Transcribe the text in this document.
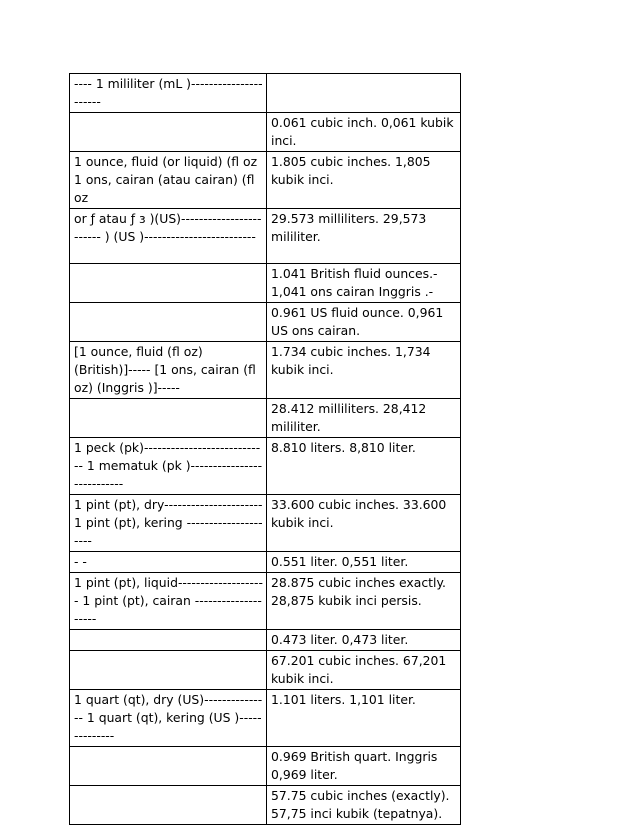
---- 1 mililiter (mL )----------------------	
	0.061 cubic inch. 0,061 kubik inci.
1 ounce, fluid (or liquid) (fl oz 1 ons, cairan (atau cairan) (fl oz	1.805 cubic inches. 1,805 kubik inci.
or ƒ atau ƒ з )(US)------------------------ ) (US )-------------------------	29.573 milliliters. 29,573 mililiter.
	1.041 British fluid ounces.- 1,041 ons cairan Inggris .-
	0.961 US fluid ounce. 0,961 US ons cairan.
[1 ounce, fluid (fl oz) (British)]----- [1 ons, cairan (fl oz) (Inggris )]-----	1.734 cubic inches. 1,734 kubik inci.
	28.412 milliliters. 28,412 mililiter.
1 peck (pk)---------------------------- 1 mematuk (pk )---------------------------	8.810 liters. 8,810 liter.
1 pint (pt), dry---------------------- 1 pint (pt), kering ---------------------	33.600 cubic inches. 33.600 kubik inci.
- -	0.551 liter. 0,551 liter.
1 pint (pt), liquid-------------------- 1 pint (pt), cairan --------------------	28.875 cubic inches exactly. 28,875 kubik inci persis.
	0.473 liter. 0,473 liter.
	67.201 cubic inches. 67,201 kubik inci.
1 quart (qt), dry (US)--------------- 1 quart (qt), kering (US )--------------	1.101 liters. 1,101 liter.
	0.969 British quart. Inggris 0,969 liter.
	57.75 cubic inches (exactly). 57,75 inci kubik (tepatnya).
